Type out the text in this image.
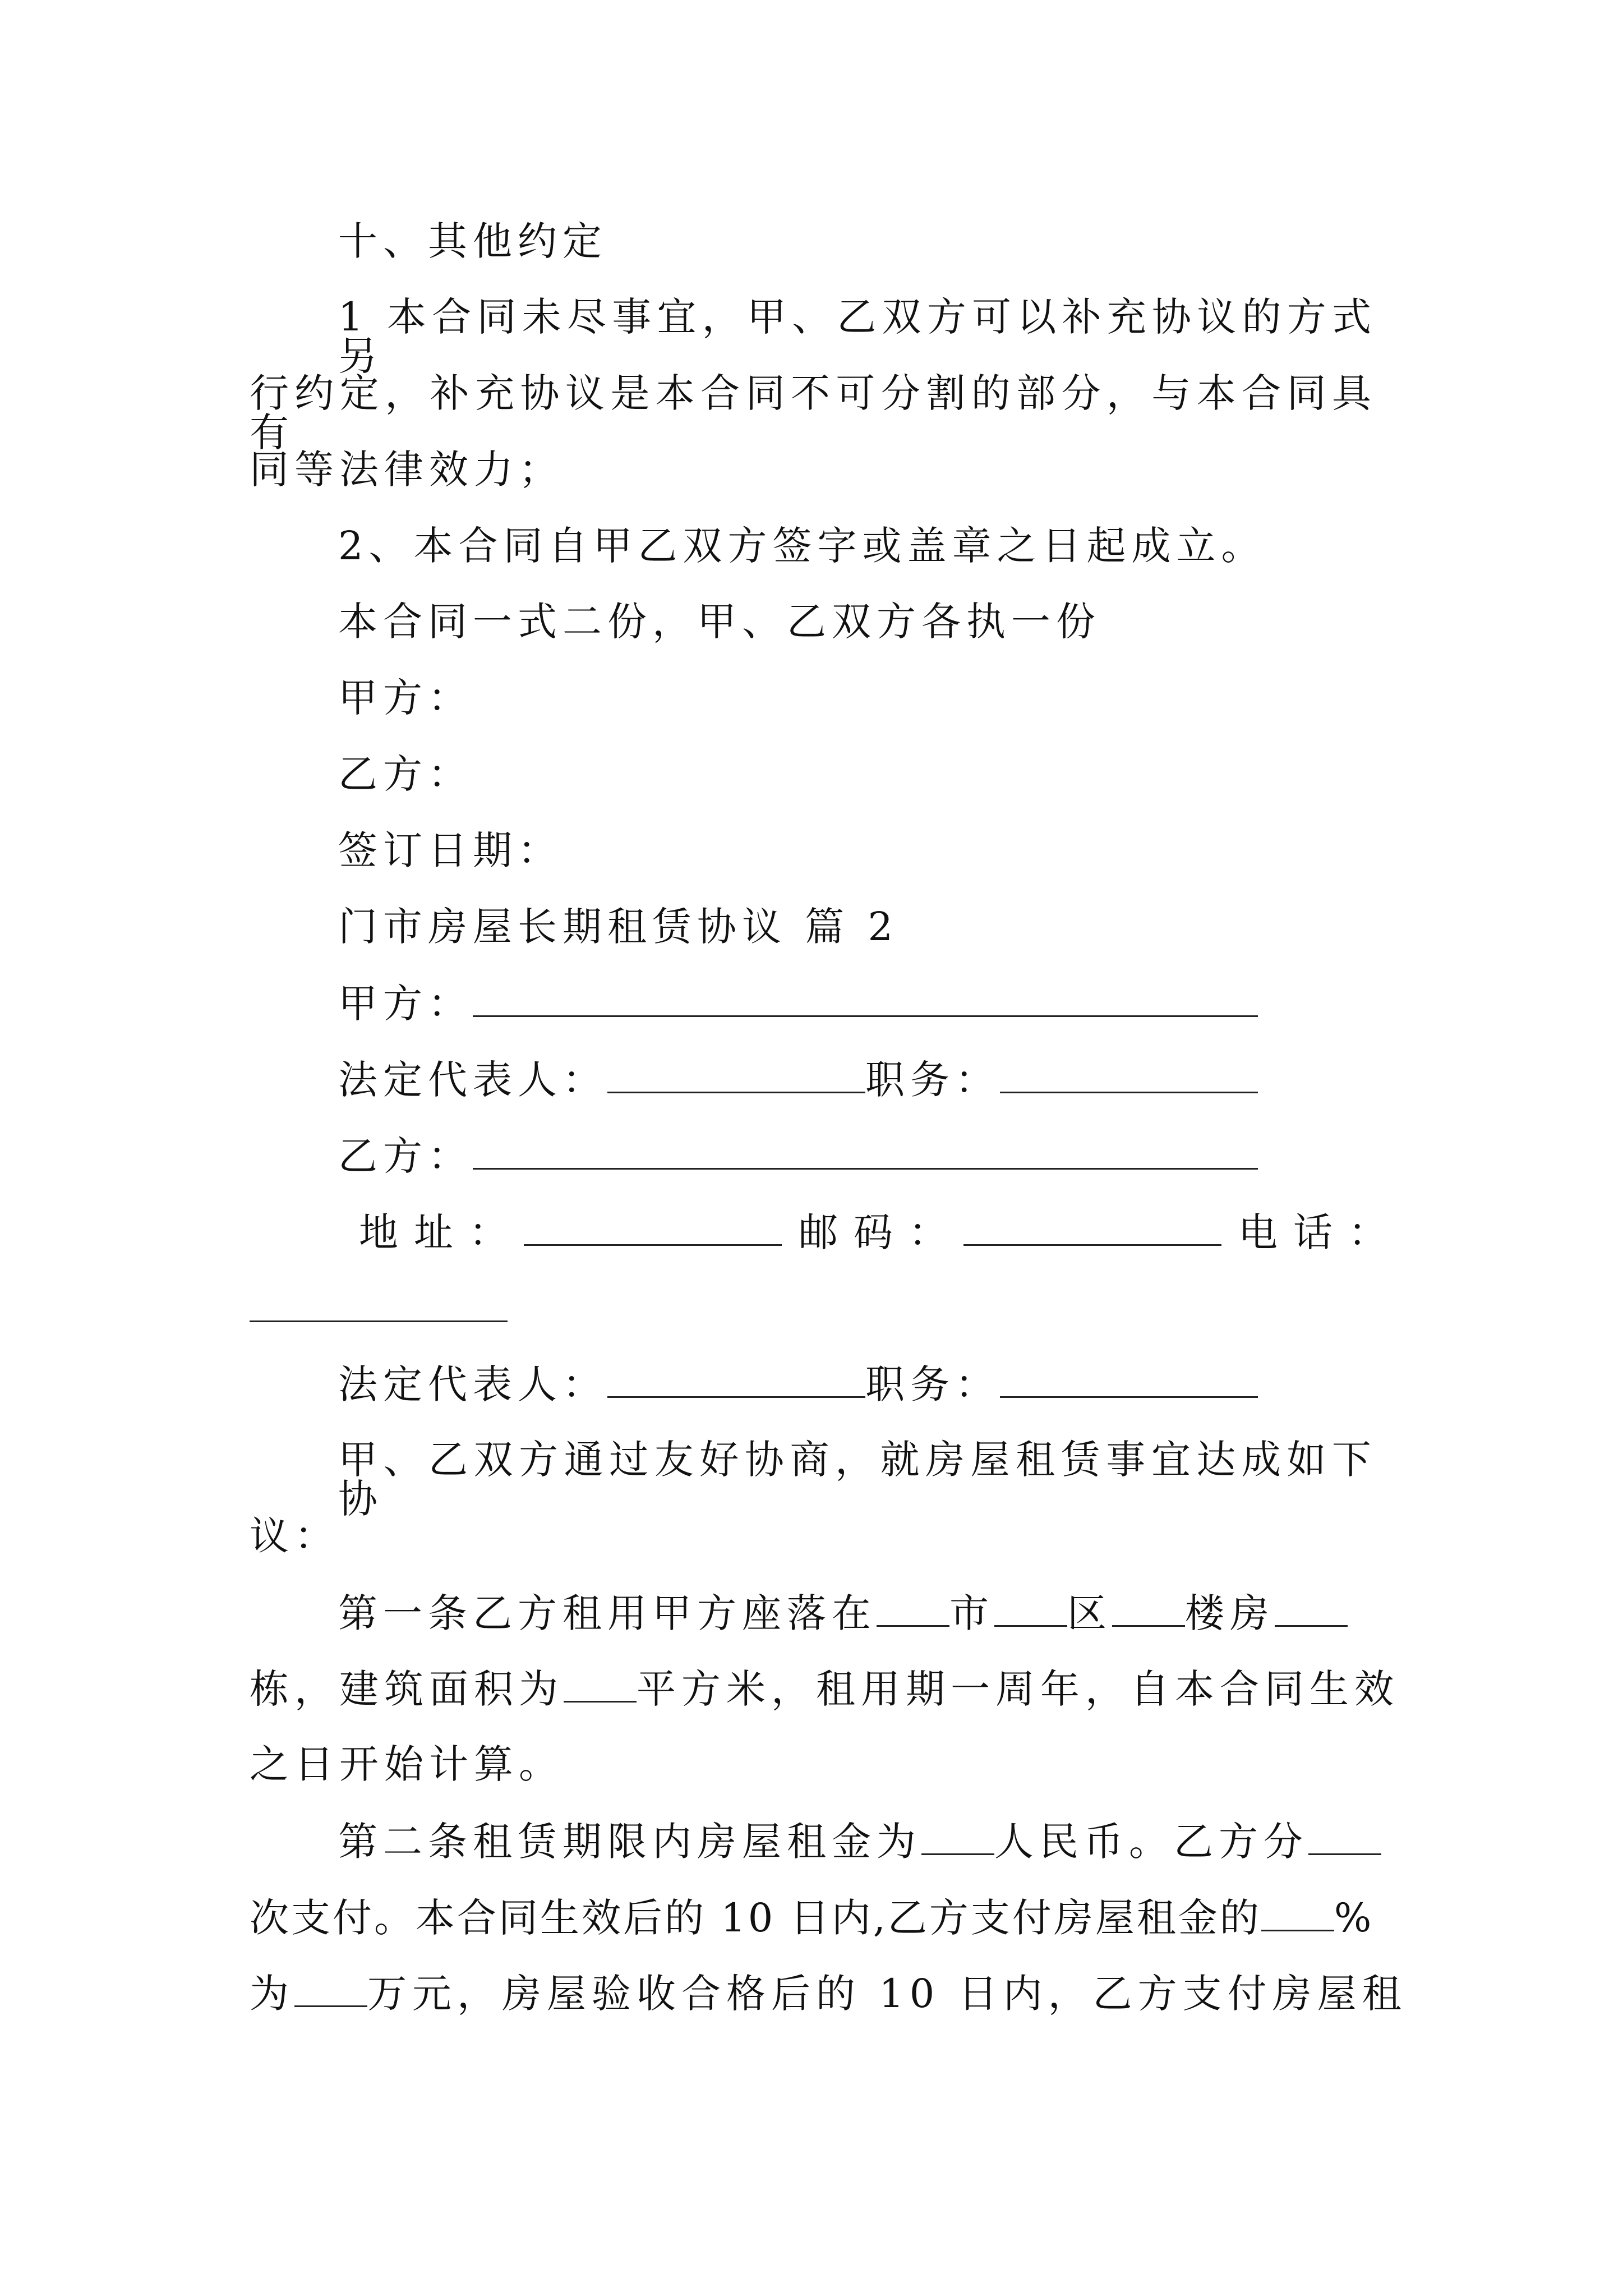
十、其他约定
1 本合同未尽事宜，甲、乙双方可以补充协议的方式另
行约定，补充协议是本合同不可分割的部分，与本合同具有
同等法律效力；
2、本合同自甲乙双方签字或盖章之日起成立。
本合同一式二份，甲、乙双方各执一份
甲方：
乙方：
签订日期：
门市房屋长期租赁协议 篇 2
甲方：
法定代表人：	职务：
乙方：
地址：	邮码：	电话：
法定代表人：	职务：
甲、乙双方通过友好协商，就房屋租赁事宜达成如下协
议：
第一条乙方租用甲方座落在 市 区 楼房
栋，建筑面积为 平方米，租用期一周年，自本合同生效
之日开始计算。
第二条租赁期限内房屋租金为 人民币。乙方分
次支付。本合同生效后的 10 日内,乙方支付房屋租金的 %
为 万元，房屋验收合格后的 10 日内，乙方支付房屋租
